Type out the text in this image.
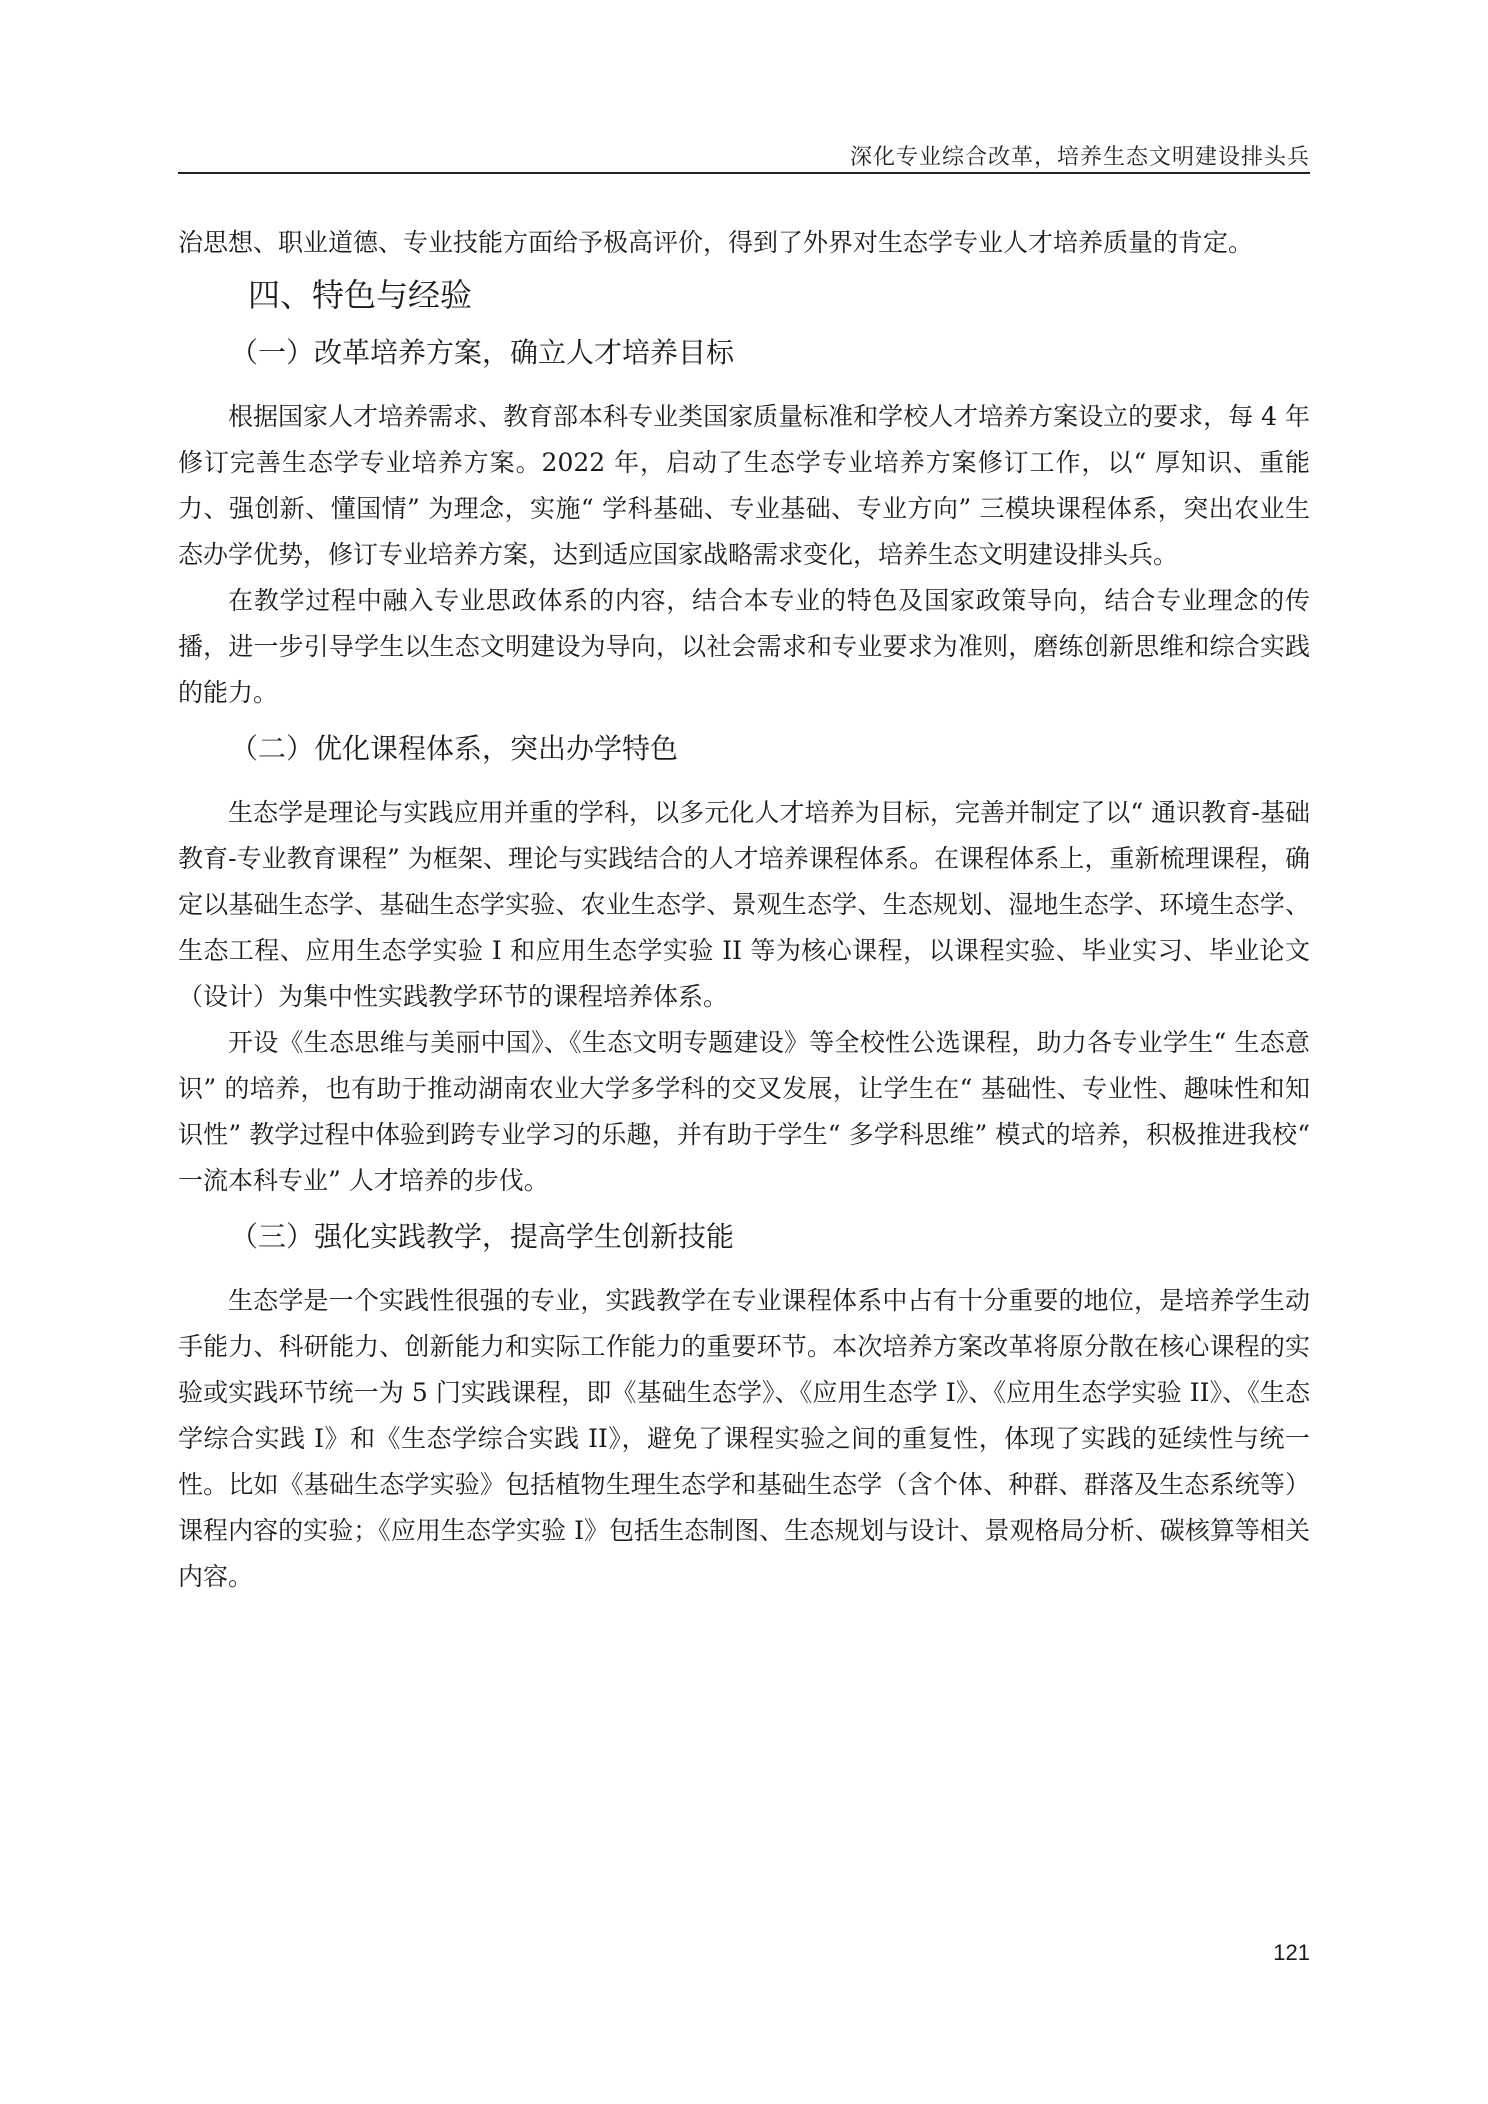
深化专业综合改革，培养生态文明建设排头兵

治思想、职业道德、专业技能方面给予极高评价，得到了外界对生态学专业人才培养质量的肯定。

四、特色与经验
（一）改革培养方案，确立人才培养目标

根据国家人才培养需求、教育部本科专业类国家质量标准和学校人才培养方案设立的要求，每 4 年修订完善生态学专业培养方案。2022 年，启动了生态学专业培养方案修订工作，以“ 厚知识、重能力、强创新、懂国情” 为理念，实施“ 学科基础、专业基础、专业方向” 三模块课程体系，突出农业生态办学优势，修订专业培养方案，达到适应国家战略需求变化，培养生态文明建设排头兵。

在教学过程中融入专业思政体系的内容，结合本专业的特色及国家政策导向，结合专业理念的传播，进一步引导学生以生态文明建设为导向，以社会需求和专业要求为准则，磨练创新思维和综合实践的能力。

（二）优化课程体系，突出办学特色

生态学是理论与实践应用并重的学科，以多元化人才培养为目标，完善并制定了以“ 通识教育-基础教育-专业教育课程” 为框架、理论与实践结合的人才培养课程体系。在课程体系上，重新梳理课程，确定以基础生态学、基础生态学实验、农业生态学、景观生态学、生态规划、湿地生态学、环境生态学、生态工程、应用生态学实验 I 和应用生态学实验 II 等为核心课程，以课程实验、毕业实习、毕业论文（设计）为集中性实践教学环节的课程培养体系。

开设《生态思维与美丽中国》、《生态文明专题建设》等全校性公选课程，助力各专业学生“ 生态意识” 的培养，也有助于推动湖南农业大学多学科的交叉发展，让学生在“ 基础性、专业性、趣味性和知识性” 教学过程中体验到跨专业学习的乐趣，并有助于学生“ 多学科思维” 模式的培养，积极推进我校“ 一流本科专业” 人才培养的步伐。

（三）强化实践教学，提高学生创新技能

生态学是一个实践性很强的专业，实践教学在专业课程体系中占有十分重要的地位，是培养学生动手能力、科研能力、创新能力和实际工作能力的重要环节。本次培养方案改革将原分散在核心课程的实验或实践环节统一为 5 门实践课程，即《基础生态学》、《应用生态学 I》、《应用生态学实验 II》、《生态学综合实践 I》和《生态学综合实践 II》，避免了课程实验之间的重复性，体现了实践的延续性与统一性。比如《基础生态学实验》包括植物生理生态学和基础生态学（含个体、种群、群落及生态系统等）课程内容的实验；《应用生态学实验 I》包括生态制图、生态规划与设计、景观格局分析、碳核算等相关内容。

121
